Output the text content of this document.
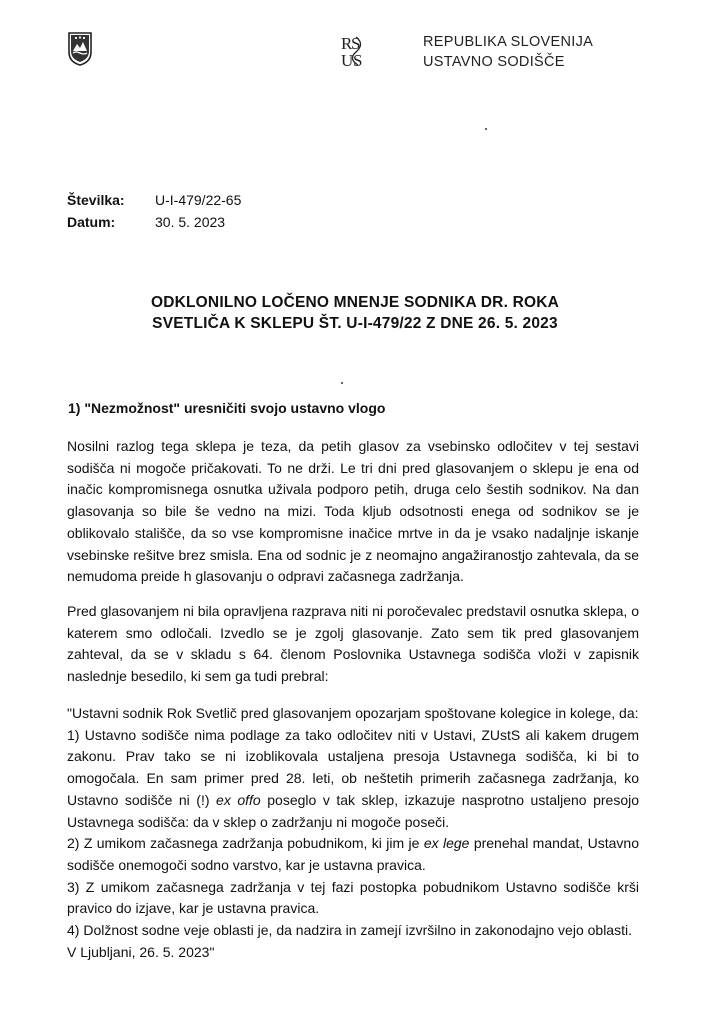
R
S
U S
REPUBLIKA SLOVENIJA
USTAVNO SODIŠČE
Številka:	U-I-479/22-65
Datum:	30. 5. 2023
ODKLONILNO LOČENO MNENJE SODNIKA DR. ROKA
SVETLIČA K SKLEPU ŠT. U-I-479/22 Z DNE 26. 5. 2023
1) "Nezmožnost" uresničiti svojo ustavno vlogo

Nosilni razlog tega sklepa je teza, da petih glasov za vsebinsko odločitev v tej sestavi sodišča ni mogoče pričakovati. To ne drži. Le tri dni pred glasovanjem o sklepu je ena od inačic kompromisnega osnutka uživala podporo petih, druga celo šestih sodnikov. Na dan glasovanja so bile še vedno na mizi. Toda kljub odsotnosti enega od sodnikov se je oblikovalo stališče, da so vse kompromisne inačice mrtve in da je vsako nadaljnje iskanje vsebinske rešitve brez smisla. Ena od sodnic je z neomajno angažiranostjo zahtevala, da se nemudoma preide h glasovanju o odpravi začasnega zadržanja.

Pred glasovanjem ni bila opravljena razprava niti ni poročevalec predstavil osnutka sklepa, o katerem smo odločali. Izvedlo se je zgolj glasovanje. Zato sem tik pred glasovanjem zahteval, da se v skladu s 64. členom Poslovnika Ustavnega sodišča vloži v zapisnik naslednje besedilo, ki sem ga tudi prebral:

"Ustavni sodnik Rok Svetlič pred glasovanjem opozarjam spoštovane kolegice in kolege, da:

1) Ustavno sodišče nima podlage za tako odločitev niti v Ustavi, ZUstS ali kakem drugem zakonu. Prav tako se ni izoblikovala ustaljena presoja Ustavnega sodišča, ki bi to omogočala. En sam primer pred 28. leti, ob neštetih primerih začasnega zadržanja, ko Ustavno sodišče ni (!) ex offo poseglo v tak sklep, izkazuje nasprotno ustaljeno presojo Ustavnega sodišča: da v sklep o zadržanju ni mogoče poseči.

2) Z umikom začasnega zadržanja pobudnikom, ki jim je ex lege prenehal mandat, Ustavno sodišče onemogoči sodno varstvo, kar je ustavna pravica.

3) Z umikom začasnega zadržanja v tej fazi postopka pobudnikom Ustavno sodišče krši pravico do izjave, kar je ustavna pravica.

4) Dolžnost sodne veje oblasti je, da nadzira in zamejí izvršilno in zakonodajno vejo oblasti.

V Ljubljani, 26. 5. 2023"
